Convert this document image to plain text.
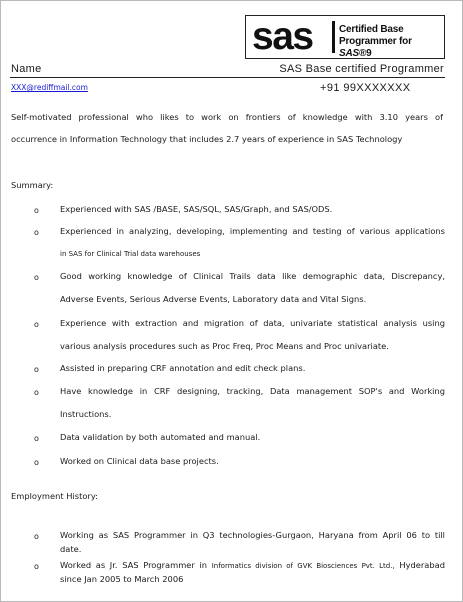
sas	Certified Base
Programmer for SAS®9
Name	SAS Base certified Programmer
XXX@rediffmail.com	+91 99XXXXXXX
Self-motivated professional who likes to work on frontiers of knowledge with 3.10 years of
occurrence in Information Technology that includes 2.7 years of experience in SAS Technology
Summary:
o	Experienced with SAS /BASE, SAS/SQL, SAS/Graph, and SAS/ODS.
o	Experienced in analyzing, developing, implementing and testing of various applications
in SAS for Clinical Trial data warehouses
o	Good working knowledge of Clinical Trails data like demographic data, Discrepancy,
Adverse Events, Serious Adverse Events, Laboratory data and Vital Signs.
o	Experience with extraction and migration of data, univariate statistical analysis using
various analysis procedures such as Proc Freq, Proc Means and Proc univariate.
o	Assisted in preparing CRF annotation and edit check plans.
o	Have knowledge in CRF designing, tracking, Data management SOP's and Working
Instructions.
o	Data validation by both automated and manual.
o	Worked on Clinical data base projects.
Employment History:
o	Working as SAS Programmer in Q3 technologies-Gurgaon, Haryana from April 06 to till
date.
o	Worked as Jr. SAS Programmer in Informatics division of GVK Biosciences Pvt. Ltd., Hyderabad
since Jan 2005 to March 2006
